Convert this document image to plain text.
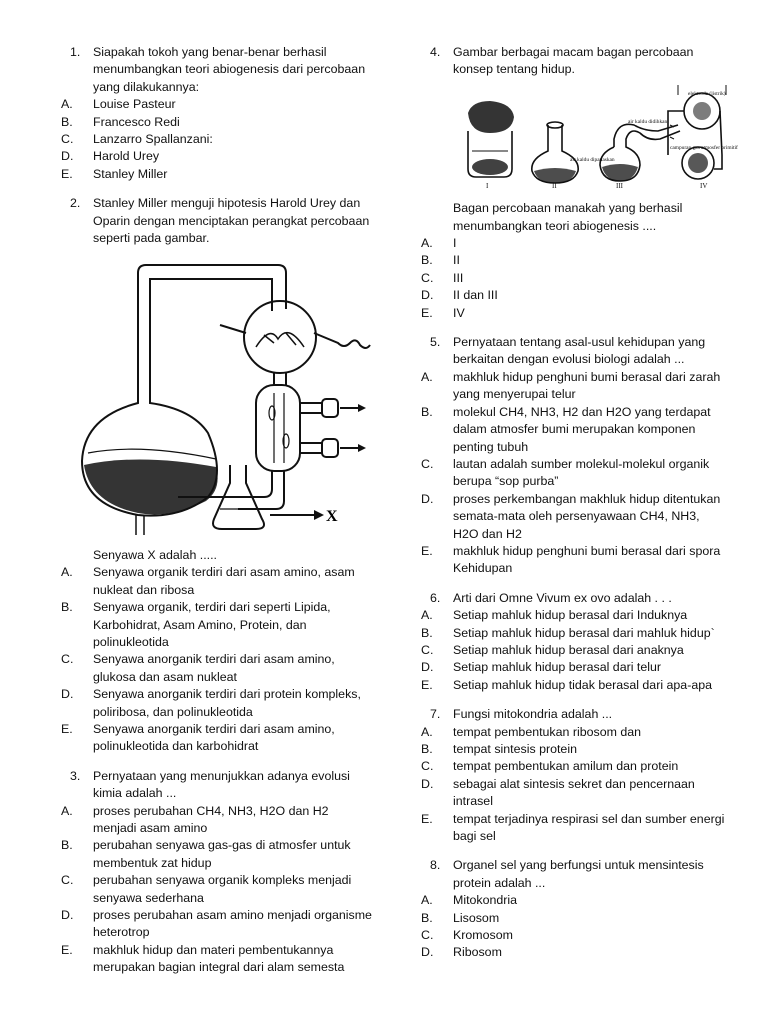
1.	Siapakah tokoh yang benar-benar berhasil menumbangkan teori abiogenesis dari percobaan yang dilakukannya:
A. Louise Pasteur
B. Francesco Redi
C. Lanzarro Spallanzani:
D. Harold Urey
E. Stanley Miller
2.	Stanley Miller menguji hipotesis Harold Urey dan Oparin dengan menciptakan perangkat percobaan seperti pada gambar.
X
Senyawa X adalah .....
A. Senyawa organik terdiri dari asam amino, asam nukleat dan ribosa
B. Senyawa organik, terdiri dari seperti Lipida, Karbohidrat, Asam Amino, Protein, dan polinukleotida
C. Senyawa anorganik terdiri dari asam amino, glukosa dan asam nukleat
D. Senyawa anorganik terdiri dari protein kompleks, poliribosa, dan polinukleotida
E. Senyawa anorganik terdiri dari asam amino, polinukleotida dan karbohidrat
3.	Pernyataan yang menunjukkan adanya evolusi kimia adalah ...
A. proses perubahan CH4, NH3, H2O dan H2 menjadi asam amino
B. perubahan senyawa gas-gas di atmosfer untuk membentuk zat hidup
C. perubahan senyawa organik kompleks menjadi senyawa sederhana
D. proses perubahan asam amino menjadi organisme heterotrop
E. makhluk hidup dan materi pembentukannya merupakan bagian integral dari alam semesta
4.	Gambar berbagai macam bagan percobaan konsep tentang hidup.
air kaldu dipanaskan
air kaldu didihkan
elektroda (listrik)
campuran gas atmosfer primitif
I	II	III	IV
Bagan percobaan manakah yang berhasil menumbangkan teori abiogenesis ....
A. I
B. II
C. III
D. II dan III
E. IV
5.	Pernyataan tentang asal-usul kehidupan yang berkaitan dengan evolusi biologi adalah ...
A. makhluk hidup penghuni bumi berasal dari zarah yang menyerupai telur
B. molekul CH4, NH3, H2 dan H2O yang terdapat dalam atmosfer bumi merupakan komponen penting tubuh
C. lautan adalah sumber molekul-molekul organik berupa “sop purba”
D. proses perkembangan makhluk hidup ditentukan semata-mata oleh persenyawaan CH4, NH3, H2O dan H2
E. makhluk hidup penghuni bumi berasal dari spora Kehidupan
6.	Arti dari Omne Vivum ex ovo adalah . . .
A. Setiap mahluk hidup berasal dari Induknya
B. Setiap mahluk hidup berasal dari mahluk hidup`
C. Setiap mahluk hidup berasal dari anaknya
D. Setiap mahluk hidup berasal dari telur
E. Setiap mahluk hidup tidak berasal dari apa-apa
7.	Fungsi mitokondria adalah ...
A. tempat pembentukan ribosom dan
B. tempat sintesis protein
C. tempat pembentukan amilum dan protein
D. sebagai alat sintesis sekret dan pencernaan intrasel
E. tempat terjadinya respirasi sel dan sumber energi bagi sel
8.	Organel sel yang berfungsi untuk mensintesis protein adalah ...
A. Mitokondria
B. Lisosom
C. Kromosom
D. Ribosom
